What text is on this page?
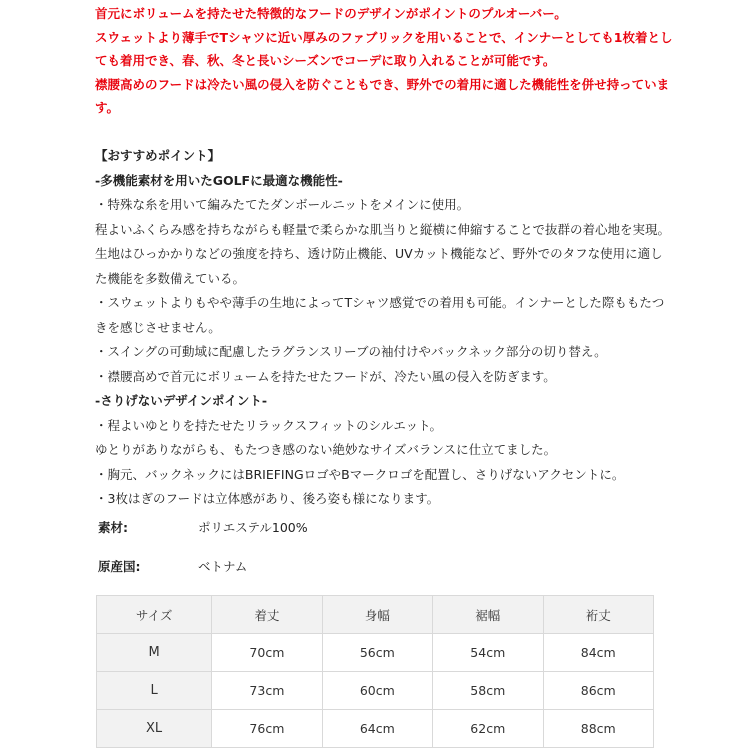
首元にボリュームを持たせた特徴的なフードのデザインがポイントのプルオーバー。

スウェットより薄手でTシャツに近い厚みのファブリックを用いることで、インナーとしても1枚着としても着用でき、春、秋、冬と長いシーズンでコーデに取り入れることが可能です。

襟腰高めのフードは冷たい風の侵入を防ぐこともでき、野外での着用に適した機能性を併せ持っています。

【おすすめポイント】

-多機能素材を用いたGOLFに最適な機能性-

・特殊な糸を用いて編みたてたダンボールニットをメインに使用。

程よいふくらみ感を持ちながらも軽量で柔らかな肌当りと縦横に伸縮することで抜群の着心地を実現。

生地はひっかかりなどの強度を持ち、透け防止機能、UVカット機能など、野外でのタフな使用に適した機能を多数備えている。

・スウェットよりもやや薄手の生地によってTシャツ感覚での着用も可能。インナーとした際ももたつきを感じさせません。

・スイングの可動域に配慮したラグランスリーブの袖付けやバックネック部分の切り替え。

・襟腰高めで首元にボリュームを持たせたフードが、冷たい風の侵入を防ぎます。

-さりげないデザインポイント-

・程よいゆとりを持たせたリラックスフィットのシルエット。

ゆとりがありながらも、もたつき感のない絶妙なサイズバランスに仕立てました。

・胸元、バックネックにはBRIEFINGロゴやBマークロゴを配置し、さりげないアクセントに。

・3枚はぎのフードは立体感があり、後ろ姿も様になります。

素材:	ポリエステル100%
原産国:	ベトナム
サイズ	着丈	身幅	裾幅	裄丈
M	70cm	56cm	54cm	84cm
L	73cm	60cm	58cm	86cm
XL	76cm	64cm	62cm	88cm
